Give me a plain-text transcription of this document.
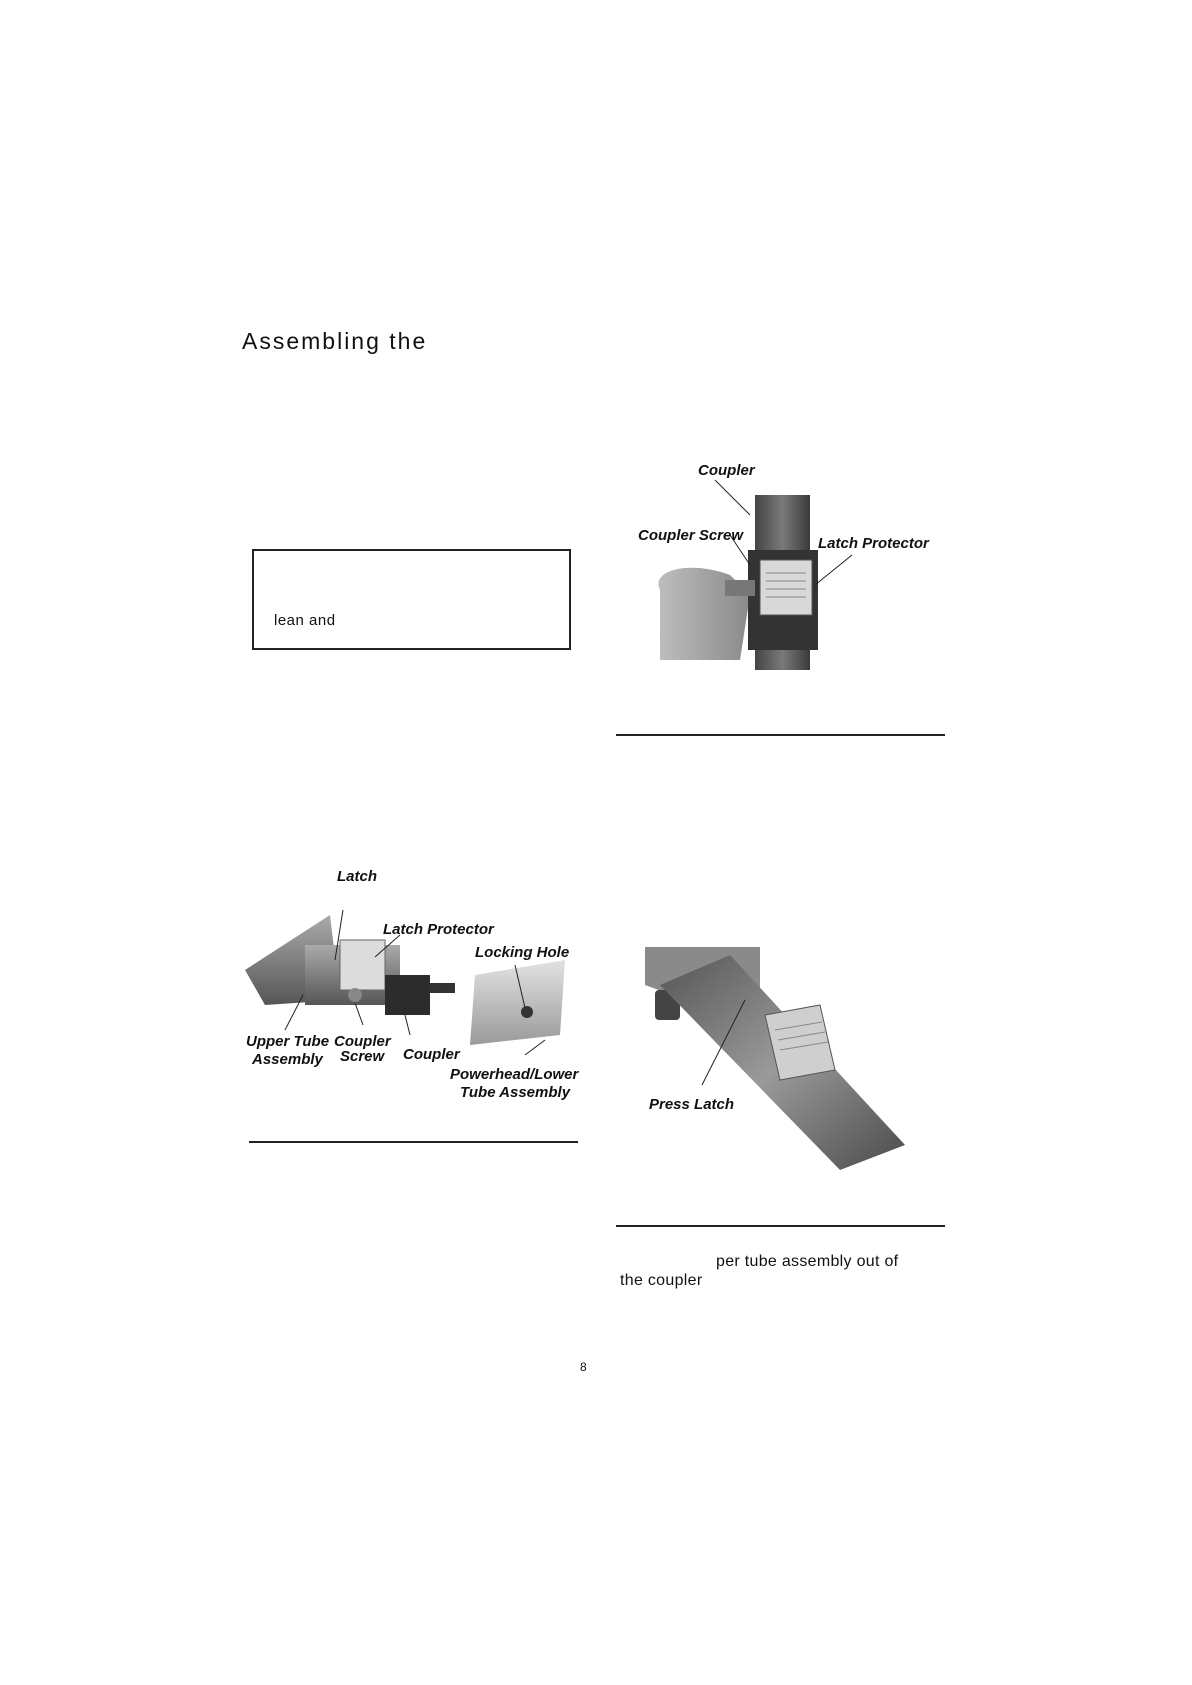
Assembling the
lean and
Coupler
Coupler Screw	Latch Protector
Latch
Latch Protector
Locking Hole
Upper Tube
Assembly
Coupler
Screw Coupler
Powerhead/Lower
Tube Assembly
Press Latch
per tube assembly out of
the coupler
8
